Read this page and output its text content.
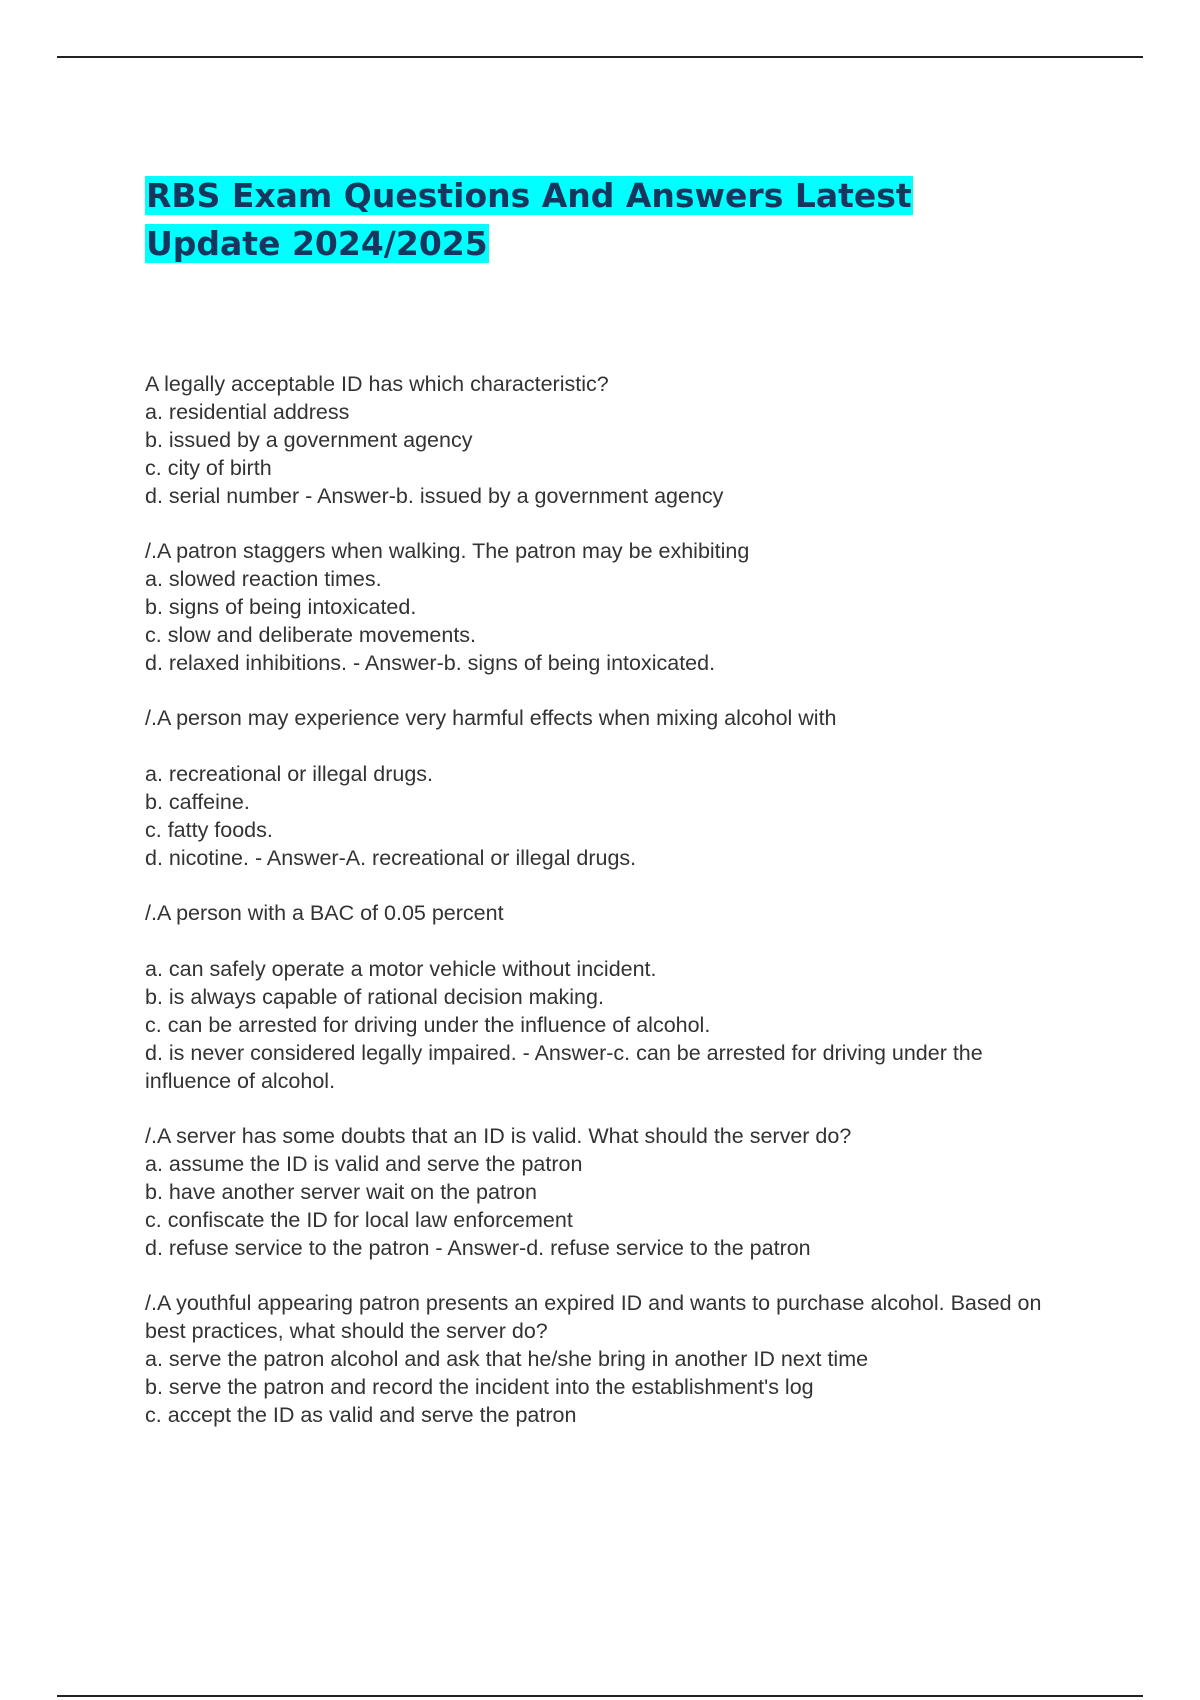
RBS Exam Questions And Answers Latest Update 2024/2025
A legally acceptable ID has which characteristic?
a. residential address
b. issued by a government agency
c. city of birth
d. serial number - Answer-b. issued by a government agency
/.A patron staggers when walking. The patron may be exhibiting
a. slowed reaction times.
b. signs of being intoxicated.
c. slow and deliberate movements.
d. relaxed inhibitions. - Answer-b. signs of being intoxicated.
/.A person may experience very harmful effects when mixing alcohol with
a. recreational or illegal drugs.
b. caffeine.
c. fatty foods.
d. nicotine. - Answer-A. recreational or illegal drugs.
/.A person with a BAC of 0.05 percent
a. can safely operate a motor vehicle without incident.
b. is always capable of rational decision making.
c. can be arrested for driving under the influence of alcohol.
d. is never considered legally impaired. - Answer-c. can be arrested for driving under the influence of alcohol.
/.A server has some doubts that an ID is valid. What should the server do?
a. assume the ID is valid and serve the patron
b. have another server wait on the patron
c. confiscate the ID for local law enforcement
d. refuse service to the patron - Answer-d. refuse service to the patron
/.A youthful appearing patron presents an expired ID and wants to purchase alcohol. Based on best practices, what should the server do?
a. serve the patron alcohol and ask that he/she bring in another ID next time
b. serve the patron and record the incident into the establishment's log
c. accept the ID as valid and serve the patron
